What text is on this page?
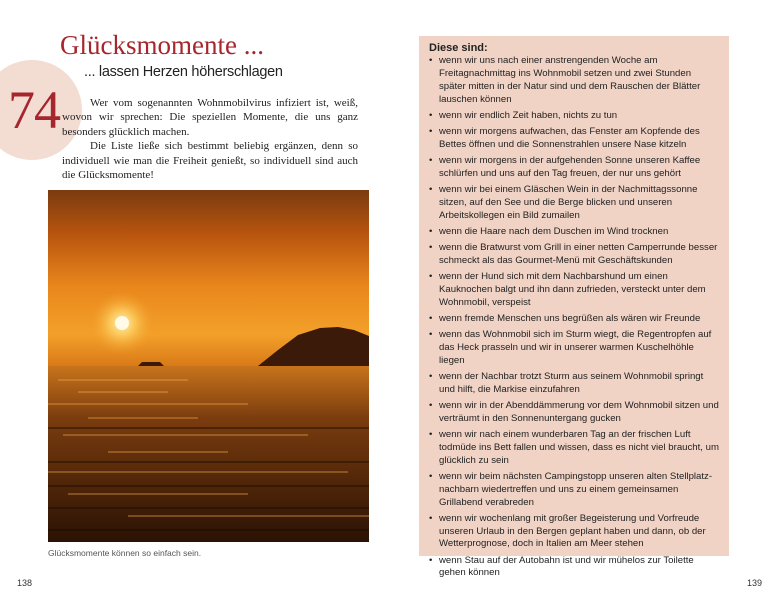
74
Glücksmomente ...
... lassen Herzen höherschlagen

Wer vom sogenannten Wohnmobilvirus infiziert ist, weiß, wovon wir sprechen: Die speziellen Momente, die uns ganz besonders glücklich machen.

Die Liste ließe sich bestimmt beliebig ergänzen, denn so individuell wie man die Freiheit genießt, so individuell sind auch die Glücksmomente!

Glücksmomente können so einfach sein.
138
Diese sind:
• wenn wir uns nach einer anstrengenden Woche am Freitagnachmittag ins Wohnmobil setzen und zwei Stunden später mitten in der Natur sind und dem Rauschen der Blätter lauschen können
• wenn wir endlich Zeit haben, nichts zu tun
• wenn wir morgens aufwachen, das Fenster am Kopfende des Bettes öffnen und die Sonnenstrahlen unsere Nase kitzeln
• wenn wir morgens in der aufgehenden Sonne unseren Kaffee schlürfen und uns auf den Tag freuen, der nur uns gehört
• wenn wir bei einem Gläschen Wein in der Nachmittagssonne sitzen, auf den See und die Berge blicken und unseren Arbeitskollegen ein Bild zumailen
• wenn die Haare nach dem Duschen im Wind trocknen
• wenn die Bratwurst vom Grill in einer netten Camperrunde besser schmeckt als das Gourmet-Menü mit Geschäftskunden
• wenn der Hund sich mit dem Nachbarshund um einen Kauknochen balgt und ihn dann zufrieden, versteckt unter dem Wohnmobil, verspeist
• wenn fremde Menschen uns begrüßen als wären wir Freunde
• wenn das Wohnmobil sich im Sturm wiegt, die Regentropfen auf das Heck prasseln und wir in unserer warmen Kuschelhöhle liegen
• wenn der Nachbar trotzt Sturm aus seinem Wohnmobil springt und hilft, die Markise einzufahren
• wenn wir in der Abenddämmerung vor dem Wohnmobil sitzen und verträumt in den Sonnenuntergang gucken
• wenn wir nach einem wunderbaren Tag an der frischen Luft todmüde ins Bett fallen und wissen, dass es nicht viel braucht, um glücklich zu sein
• wenn wir beim nächsten Campingstopp unseren alten Stellplatz-nachbarn wiedertreffen und uns zu einem gemeinsamen Grillabend verabreden
• wenn wir wochenlang mit großer Begeisterung und Vorfreude unseren Urlaub in den Bergen geplant haben und dann, ob der Wetterprognose, doch in Italien am Meer stehen
• wenn Stau auf der Autobahn ist und wir mühelos zur Toilette gehen können
139
